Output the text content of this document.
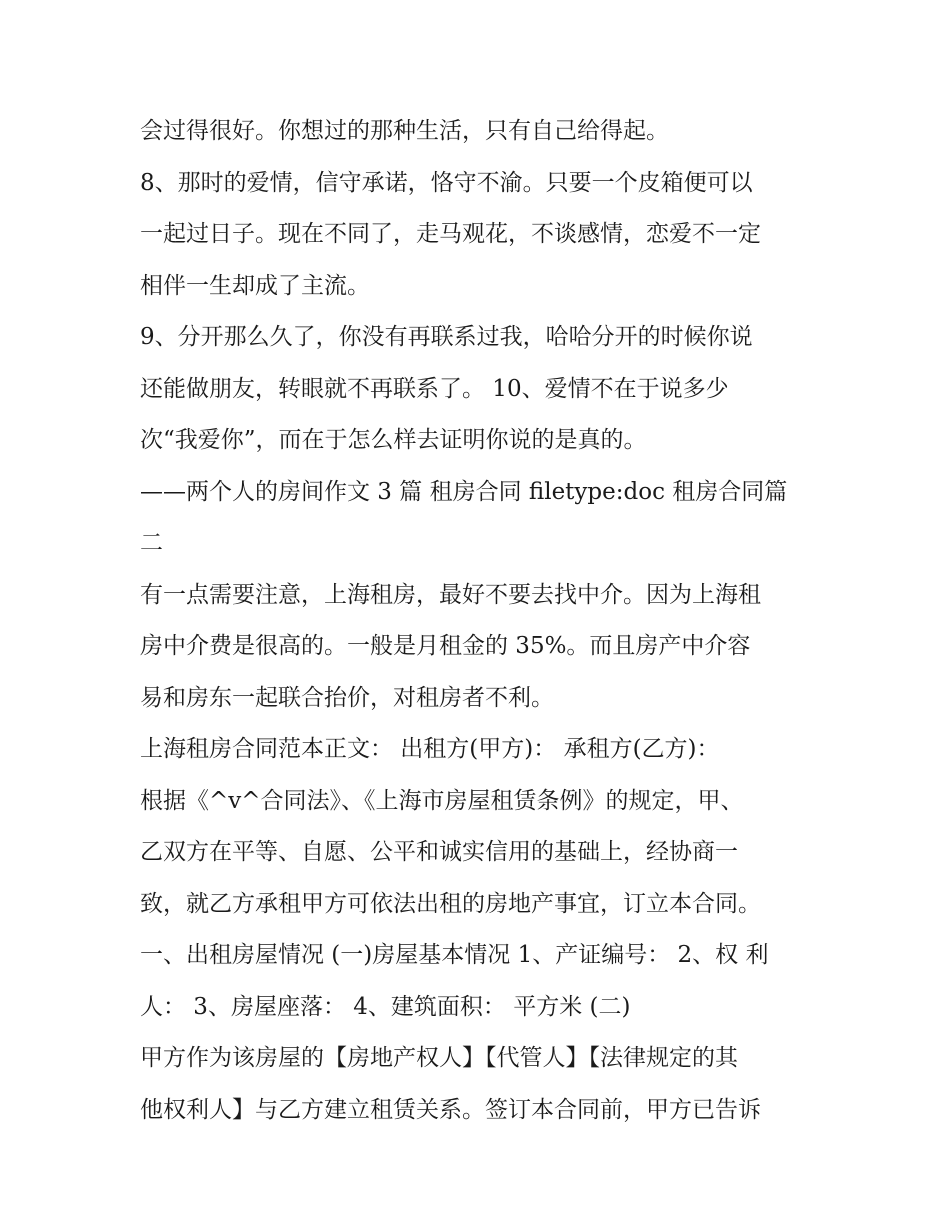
会过得很好。你想过的那种生活，只有自己给得起。
8、那时的爱情，信守承诺，恪守不渝。只要一个皮箱便可以
一起过日子。现在不同了，走马观花，不谈感情，恋爱不一定
相伴一生却成了主流。
9、分开那么久了，你没有再联系过我，哈哈分开的时候你说
还能做朋友，转眼就不再联系了。 10、爱情不在于说多少
次“我爱你”，而在于怎么样去证明你说的是真的。
——两个人的房间作文 3 篇 租房合同 filetype:doc 租房合同篇
二
有一点需要注意，上海租房，最好不要去找中介。因为上海租
房中介费是很高的。一般是月租金的 35%。而且房产中介容
易和房东一起联合抬价，对租房者不利。
上海租房合同范本正文： 出租方(甲方)： 承租方(乙方)：
根据《^v^合同法》、《上海市房屋租赁条例》的规定，甲、
乙双方在平等、自愿、公平和诚实信用的基础上，经协商一
致，就乙方承租甲方可依法出租的房地产事宜，订立本合同。
一、出租房屋情况 (一)房屋基本情况 1、产证编号： 2、权 利
人： 3、房屋座落： 4、建筑面积： 平方米 (二)
甲方作为该房屋的【房地产权人】【代管人】【法律规定的其
他权利人】与乙方建立租赁关系。签订本合同前，甲方已告诉
